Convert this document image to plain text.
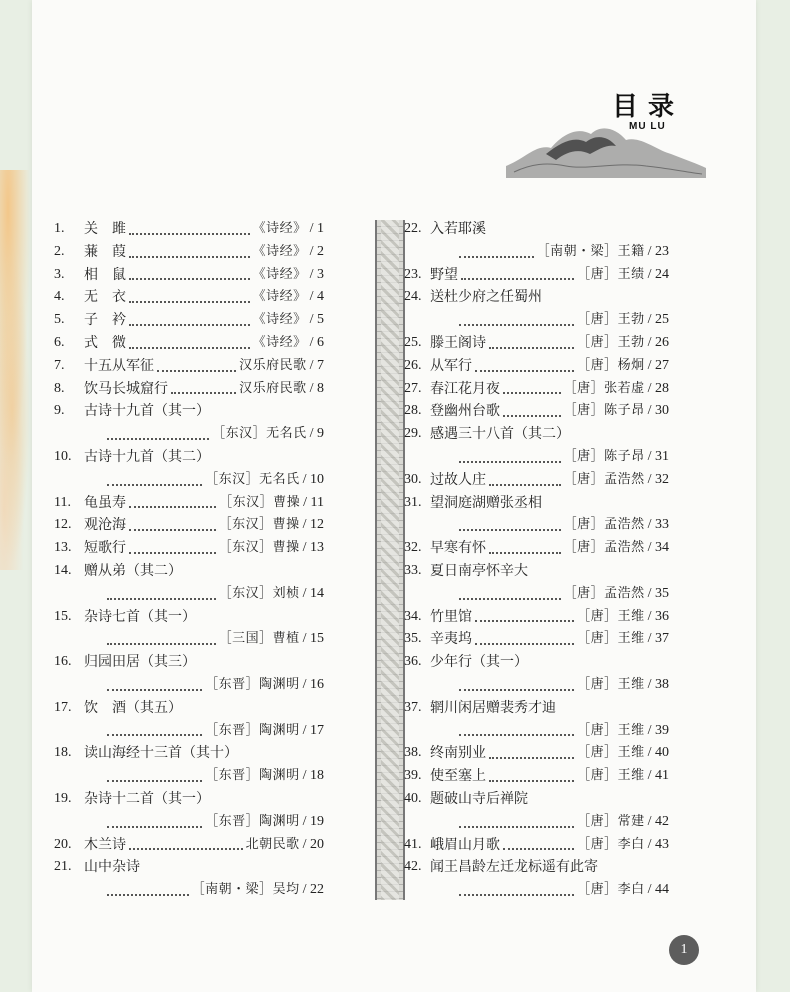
目录
MU LU
1
1.	关　雎	《诗经》 / 1
2.	蒹　葭	《诗经》 / 2
3.	相　鼠	《诗经》 / 3
4.	无　衣	《诗经》 / 4
5.	子　衿	《诗经》 / 5
6.	式　微	《诗经》 / 6
7.	十五从军征	汉乐府民歌 / 7
8.	饮马长城窟行	汉乐府民歌 / 8
9.	古诗十九首（其一）
［东汉］无名氏 / 9
10. 古诗十九首（其二）
［东汉］无名氏 / 10
11. 龟虽寿	［东汉］曹操 / 11
12. 观沧海	［东汉］曹操 / 12
13. 短歌行	［东汉］曹操 / 13
14. 赠从弟（其二）
［东汉］刘桢 / 14
15. 杂诗七首（其一）
［三国］曹植 / 15
16. 归园田居（其三）
［东晋］陶渊明 / 16
17. 饮　酒（其五）
［东晋］陶渊明 / 17
18. 读山海经十三首（其十）
［东晋］陶渊明 / 18
19. 杂诗十二首（其一）
［东晋］陶渊明 / 19
20. 木兰诗	北朝民歌 / 20
21. 山中杂诗
［南朝・梁］吴均 / 22
22. 入若耶溪
［南朝・梁］王籍 / 23
23. 野望	［唐］王绩 / 24
24. 送杜少府之任蜀州
［唐］王勃 / 25
25. 滕王阁诗	［唐］王勃 / 26
26. 从军行	［唐］杨炯 / 27
27. 春江花月夜	［唐］张若虚 / 28
28. 登幽州台歌	［唐］陈子昂 / 30
29. 感遇三十八首（其二）
［唐］陈子昂 / 31
30. 过故人庄	［唐］孟浩然 / 32
31. 望洞庭湖赠张丞相
［唐］孟浩然 / 33
32. 早寒有怀	［唐］孟浩然 / 34
33. 夏日南亭怀辛大
［唐］孟浩然 / 35
34. 竹里馆	［唐］王维 / 36
35. 辛夷坞	［唐］王维 / 37
36. 少年行（其一）
［唐］王维 / 38
37. 辋川闲居赠裴秀才迪
［唐］王维 / 39
38. 终南别业	［唐］王维 / 40
39. 使至塞上	［唐］王维 / 41
40. 题破山寺后禅院
［唐］常建 / 42
41. 峨眉山月歌	［唐］李白 / 43
42. 闻王昌龄左迁龙标遥有此寄
［唐］李白 / 44
